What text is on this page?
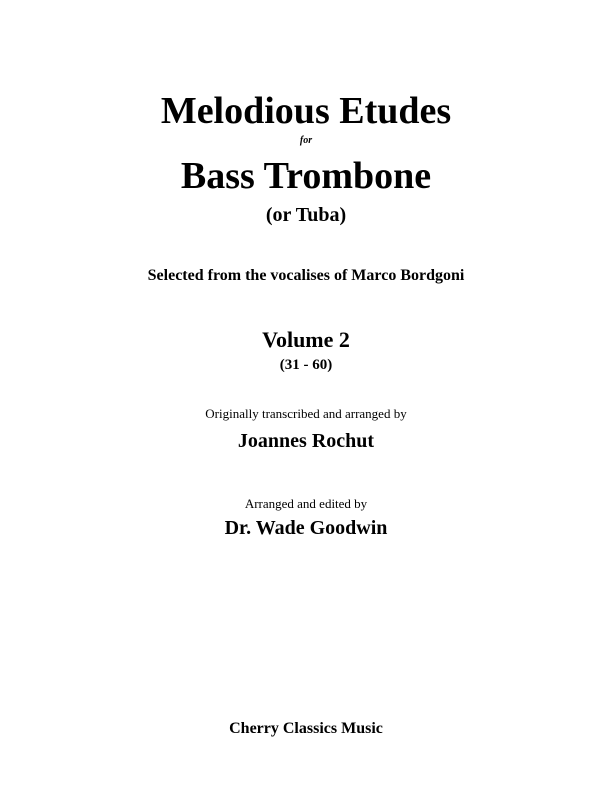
Melodious Etudes
for
Bass Trombone
(or Tuba)
Selected from the vocalises of Marco Bordgoni
Volume 2
(31 - 60)
Originally transcribed and arranged by
Joannes Rochut
Arranged and edited by
Dr. Wade Goodwin
Cherry Classics Music
